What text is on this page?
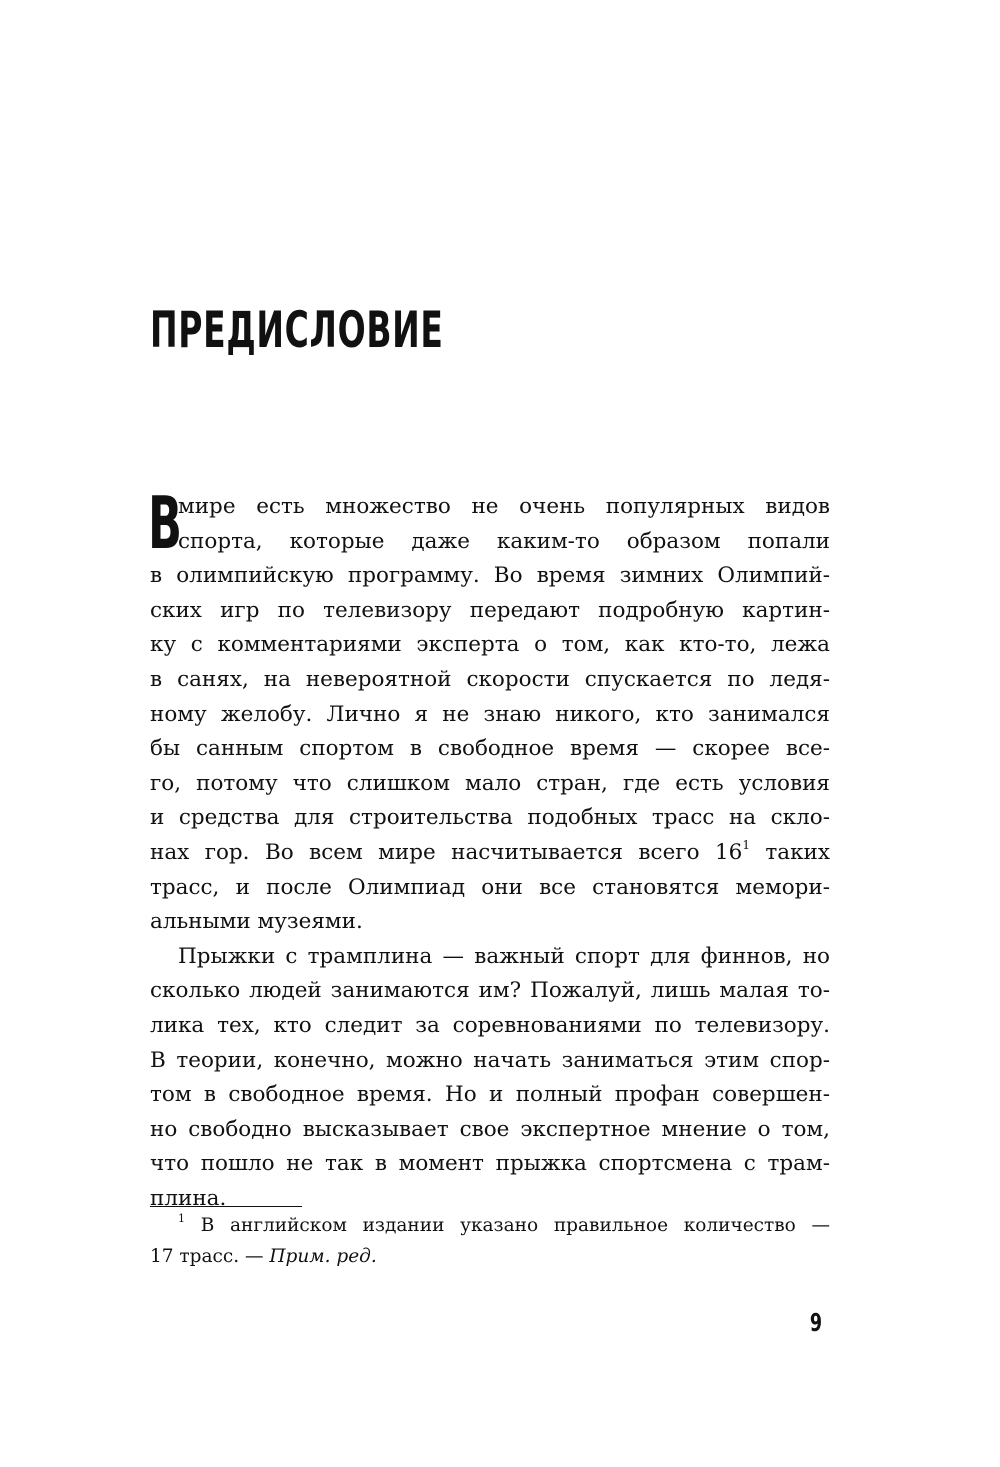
ПРЕДИСЛОВИЕ
В
мире есть множество не очень популярных видов
спорта, которые даже каким-то образом попали
в олимпийскую программу. Во время зимних Олимпий-
ских игр по телевизору передают подробную картин-
ку с комментариями эксперта о том, как кто-то, лежа
в санях, на невероятной скорости спускается по ледя-
ному желобу. Лично я не знаю никого, кто занимался
бы санным спортом в свободное время — скорее все-
го, потому что слишком мало стран, где есть условия
и средства для строительства подобных трасс на скло-
нах гор. Во всем мире насчитывается всего $16^1$ таких
трасс, и после Олимпиад они все становятся мемори-
альными музеями.
Прыжки с трамплина — важный спорт для финнов, но
сколько людей занимаются им? Пожалуй, лишь малая то-
лика тех, кто следит за соревнованиями по телевизору.
В теории, конечно, можно начать заниматься этим спор-
том в свободное время. Но и полный профан совершен-
но свободно высказывает свое экспертное мнение о том,
что пошло не так в момент прыжка спортсмена с трам-
плина.
$^1$ В английском издании указано правильное количество —
17 трасс. — Прим. ред.
9
